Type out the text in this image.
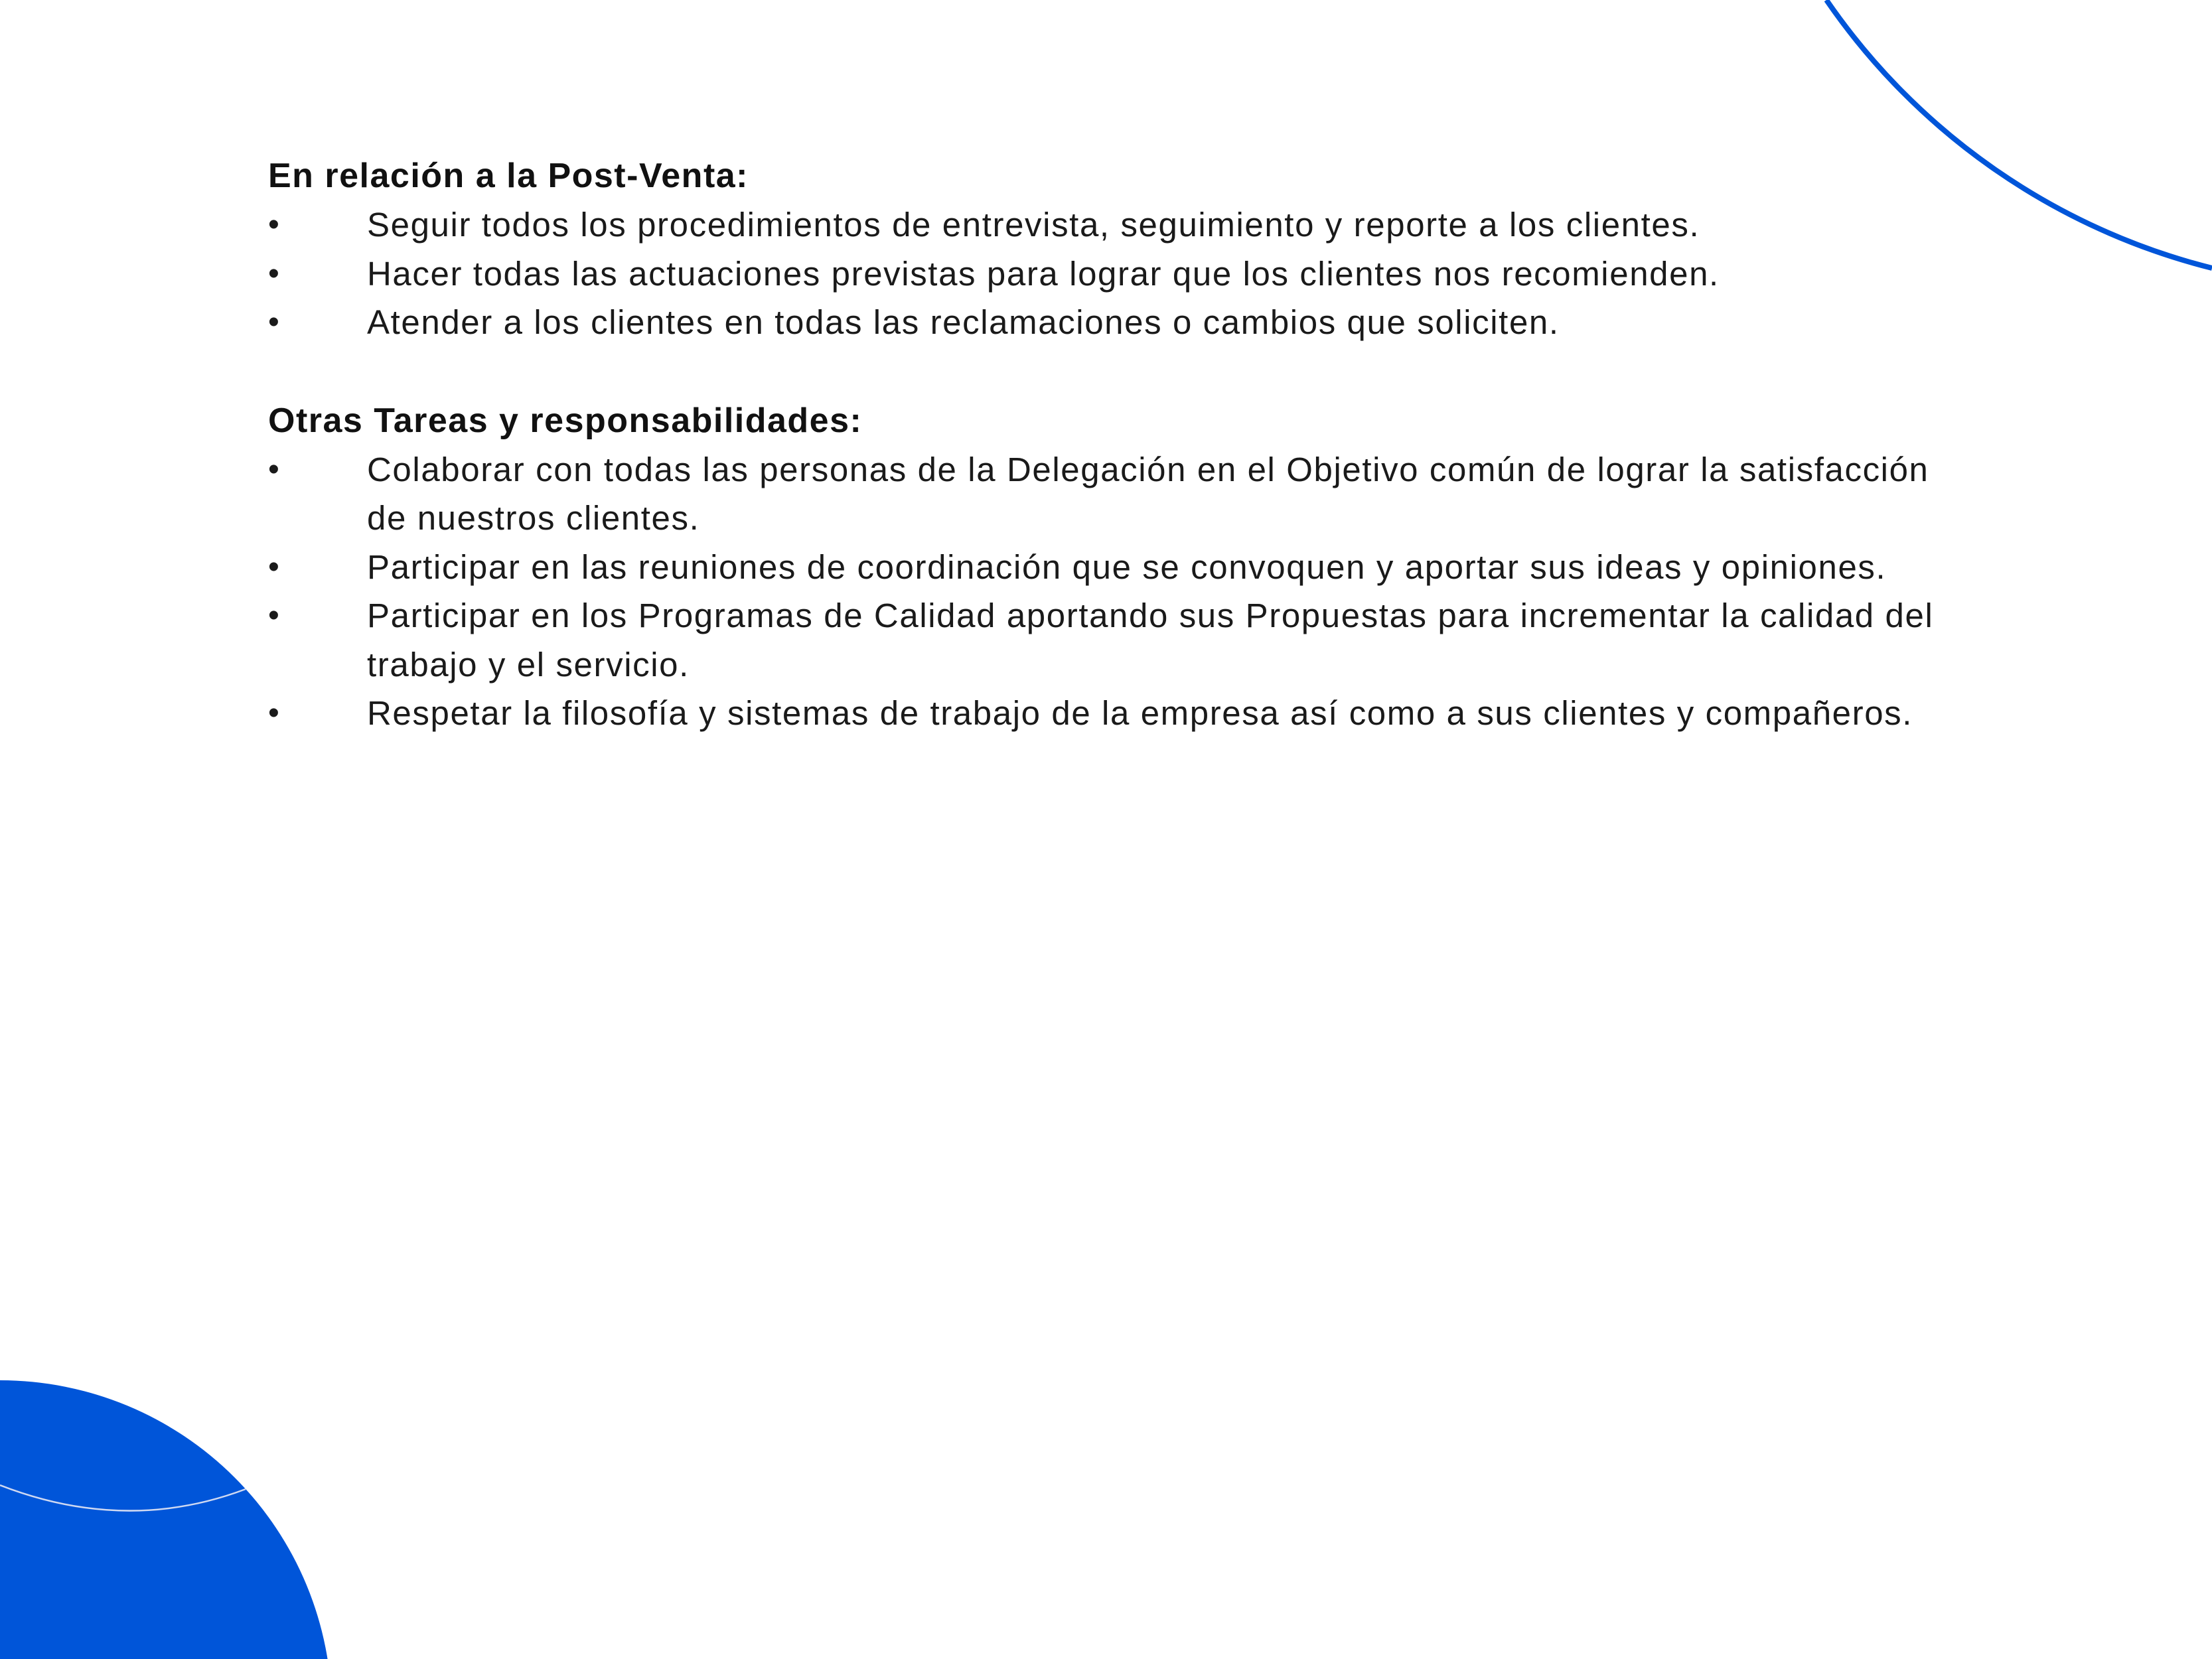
En relación a la Post-Venta:
•	Seguir todos los procedimientos de entrevista, seguimiento y reporte a los clientes.
•	Hacer todas las actuaciones previstas para lograr que los clientes nos recomienden.
•	Atender a los clientes en todas las reclamaciones o cambios que soliciten.
Otras Tareas y responsabilidades:
•	Colaborar con todas las personas de la Delegación en el Objetivo común de lograr la satisfacción de nuestros clientes.
•	Participar en las reuniones de coordinación que se convoquen y aportar sus ideas y opiniones.
•	Participar en los Programas de Calidad aportando sus Propuestas para incrementar la calidad del trabajo y el servicio.
•	Respetar la filosofía y sistemas de trabajo de la empresa así como a sus clientes y compañeros.
